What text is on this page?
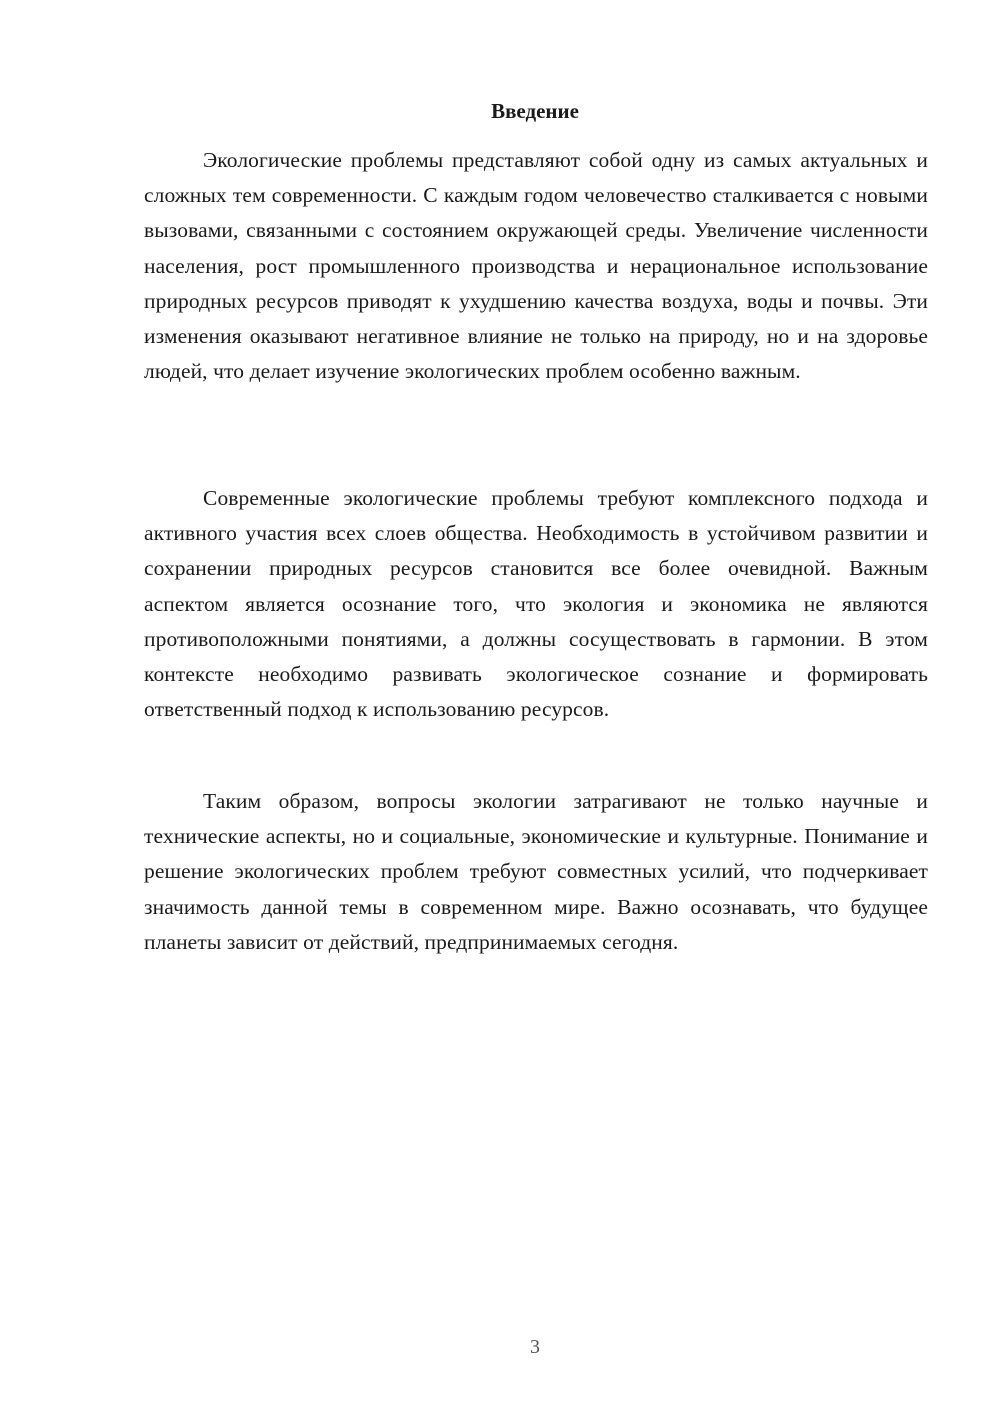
Введение

Экологические проблемы представляют собой одну из самых актуальных и сложных тем современности. С каждым годом человечество сталкивается с новыми вызовами, связанными с состоянием окружающей среды. Увеличение численности населения, рост промышленного производства и нерациональное использование природных ресурсов приводят к ухудшению качества воздуха, воды и почвы. Эти изменения оказывают негативное влияние не только на природу, но и на здоровье людей, что делает изучение экологических проблем особенно важным.

Современные экологические проблемы требуют комплексного подхода и активного участия всех слоев общества. Необходимость в устойчивом развитии и сохранении природных ресурсов становится все более очевидной. Важным аспектом является осознание того, что экология и экономика не являются противоположными понятиями, а должны сосуществовать в гармонии. В этом контексте необходимо развивать экологическое сознание и формировать ответственный подход к использованию ресурсов.

Таким образом, вопросы экологии затрагивают не только научные и технические аспекты, но и социальные, экономические и культурные. Понимание и решение экологических проблем требуют совместных усилий, что подчеркивает значимость данной темы в современном мире. Важно осознавать, что будущее планеты зависит от действий, предпринимаемых сегодня.

3
